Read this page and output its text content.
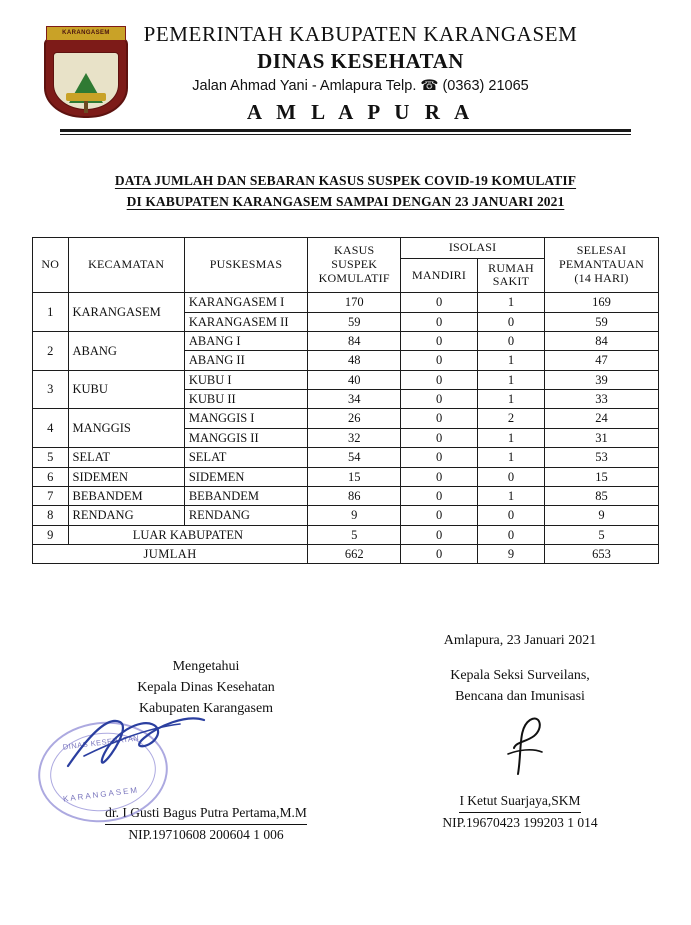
KARANGASEM	PEMERINTAH KABUPATEN KARANGASEM
DINAS KESEHATAN
Jalan Ahmad Yani - Amlapura Telp. ☎ (0363) 21065
A M L A P U R A
DATA JUMLAH DAN SEBARAN KASUS SUSPEK COVID-19 KOMULATIF
DI KABUPATEN KARANGASEM SAMPAI DENGAN 23 JANUARI 2021
NO	KECAMATAN	PUSKESMAS	
KASUS
SUSPEK
KOMULATIF
	ISOLASI	SELESAI
PEMANTAUAN
(14 HARI)

				MANDIRI	RUMAH
SAKIT	

1	KARANGASEM	KARANGASEM I	170	0	1	169
		KARANGASEM II	59	0	0	59
2	ABANG	ABANG I	84	0	0	84
		ABANG II	48	0	1	47
3	KUBU	KUBU I	40	0	1	39
		KUBU II	34	0	1	33
4	MANGGIS	MANGGIS I	26	0	2	24
		MANGGIS II	32	0	1	31
5	SELAT	SELAT	54	0	1	53
6	SIDEMEN	SIDEMEN	15	0	0	15
7	BEBANDEM	BEBANDEM	86	0	1	85
8	RENDANG	RENDANG	9	0	0	9
9	LUAR KABUPATEN		5	0	0	5
JUMLAH			662	0	9	653
Mengetahui
Kepala Dinas Kesehatan
Kabupaten Karangasem
dr. I Gusti Bagus Putra Pertama,M.M
NIP.19710608 200604 1 006
Amlapura, 23 Januari 2021
Kepala Seksi Surveilans,
Bencana dan Imunisasi
I Ketut Suarjaya,SKM
NIP.19670423 199203 1 014
DINAS KESEHATAN
KARANGASEM
